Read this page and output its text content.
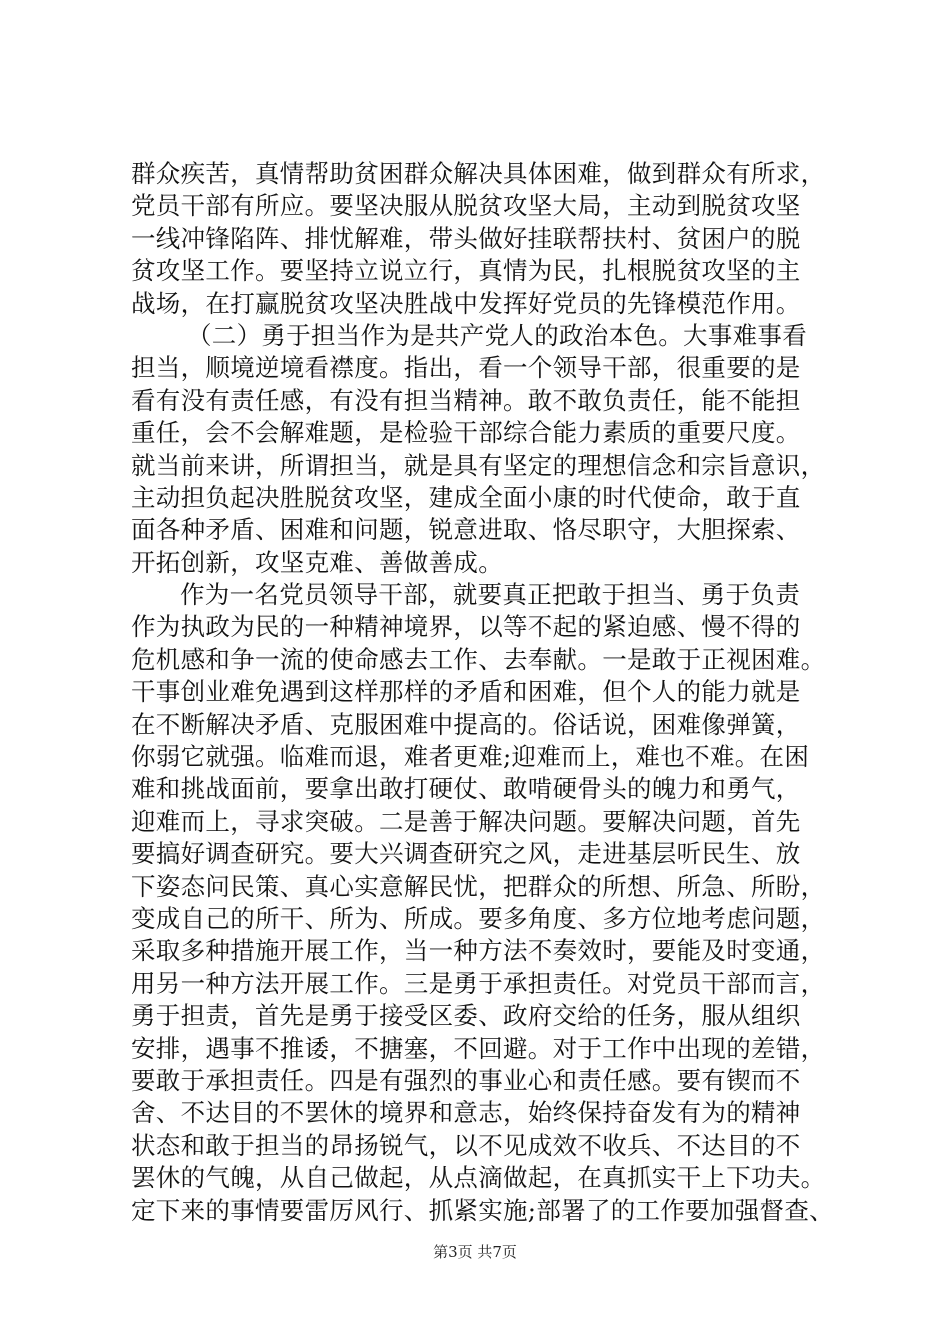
群众疾苦，真情帮助贫困群众解决具体困难，做到群众有所求，
党员干部有所应。要坚决服从脱贫攻坚大局，主动到脱贫攻坚
一线冲锋陷阵、排忧解难，带头做好挂联帮扶村、贫困户的脱
贫攻坚工作。要坚持立说立行，真情为民，扎根脱贫攻坚的主
战场，在打赢脱贫攻坚决胜战中发挥好党员的先锋模范作用。
（二）勇于担当作为是共产党人的政治本色。大事难事看
担当，顺境逆境看襟度。指出，看一个领导干部，很重要的是
看有没有责任感，有没有担当精神。敢不敢负责任，能不能担
重任，会不会解难题，是检验干部综合能力素质的重要尺度。
就当前来讲，所谓担当，就是具有坚定的理想信念和宗旨意识，
主动担负起决胜脱贫攻坚，建成全面小康的时代使命，敢于直
面各种矛盾、困难和问题，锐意进取、恪尽职守，大胆探索、
开拓创新，攻坚克难、善做善成。
作为一名党员领导干部，就要真正把敢于担当、勇于负责
作为执政为民的一种精神境界，以等不起的紧迫感、慢不得的
危机感和争一流的使命感去工作、去奉献。一是敢于正视困难。
干事创业难免遇到这样那样的矛盾和困难，但个人的能力就是
在不断解决矛盾、克服困难中提高的。俗话说，困难像弹簧，
你弱它就强。临难而退，难者更难;迎难而上，难也不难。在困
难和挑战面前，要拿出敢打硬仗、敢啃硬骨头的魄力和勇气，
迎难而上，寻求突破。二是善于解决问题。要解决问题，首先
要搞好调查研究。要大兴调查研究之风，走进基层听民生、放
下姿态问民策、真心实意解民忧，把群众的所想、所急、所盼，
变成自己的所干、所为、所成。要多角度、多方位地考虑问题，
采取多种措施开展工作，当一种方法不奏效时，要能及时变通，
用另一种方法开展工作。三是勇于承担责任。对党员干部而言，
勇于担责，首先是勇于接受区委、政府交给的任务，服从组织
安排，遇事不推诿，不搪塞，不回避。对于工作中出现的差错，
要敢于承担责任。四是有强烈的事业心和责任感。要有锲而不
舍、不达目的不罢休的境界和意志，始终保持奋发有为的精神
状态和敢于担当的昂扬锐气，以不见成效不收兵、不达目的不
罢休的气魄，从自己做起，从点滴做起，在真抓实干上下功夫。
定下来的事情要雷厉风行、抓紧实施;部署了的工作要加强督查、
第3页 共7页
